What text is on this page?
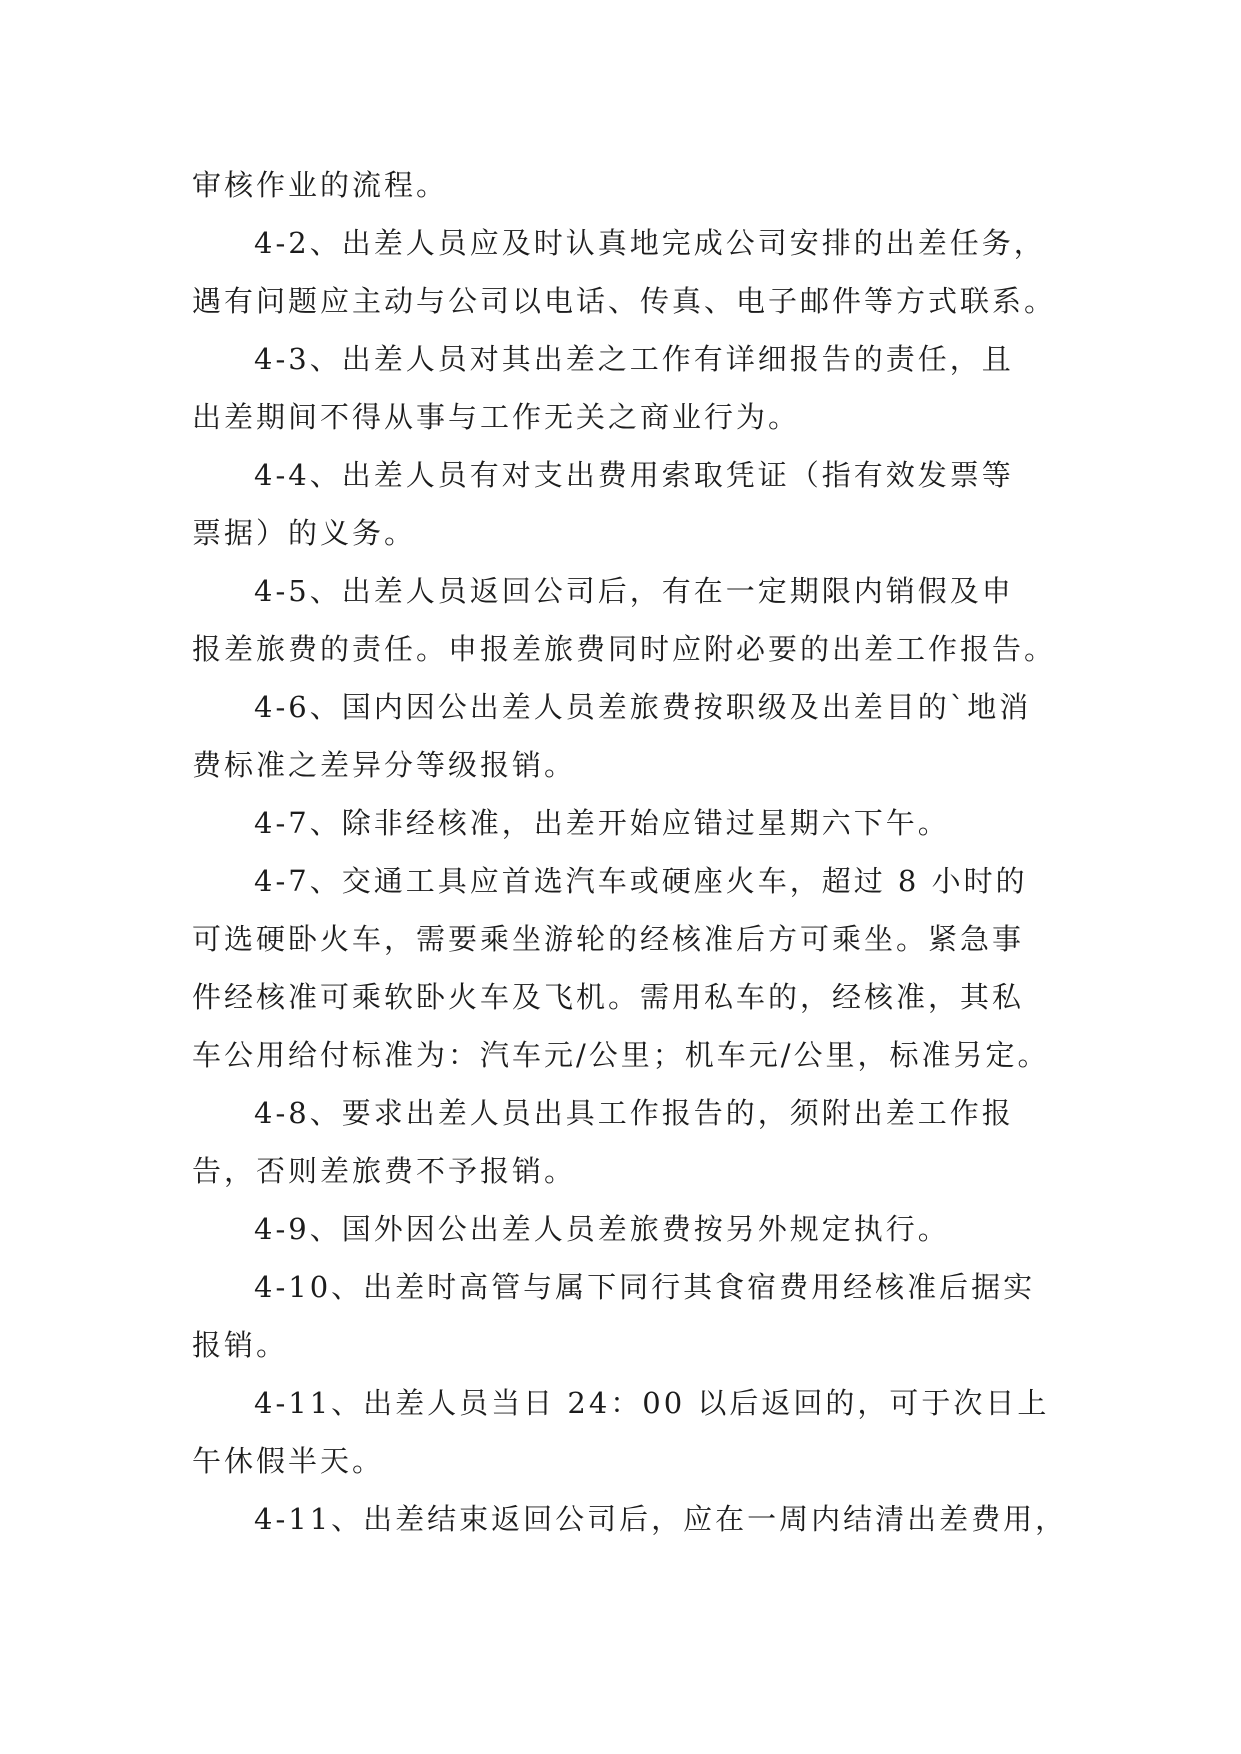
审核作业的流程。
4-2、出差人员应及时认真地完成公司安排的出差任务，
遇有问题应主动与公司以电话、传真、电子邮件等方式联系。
4-3、出差人员对其出差之工作有详细报告的责任，且
出差期间不得从事与工作无关之商业行为。
4-4、出差人员有对支出费用索取凭证（指有效发票等
票据）的义务。
4-5、出差人员返回公司后，有在一定期限内销假及申
报差旅费的责任。申报差旅费同时应附必要的出差工作报告。
4-6、国内因公出差人员差旅费按职级及出差目的`地消
费标准之差异分等级报销。
4-7、除非经核准，出差开始应错过星期六下午。
4-7、交通工具应首选汽车或硬座火车，超过 8 小时的
可选硬卧火车，需要乘坐游轮的经核准后方可乘坐。紧急事
件经核准可乘软卧火车及飞机。需用私车的，经核准，其私
车公用给付标准为：汽车元/公里；机车元/公里，标准另定。
4-8、要求出差人员出具工作报告的，须附出差工作报
告，否则差旅费不予报销。
4-9、国外因公出差人员差旅费按另外规定执行。
4-10、出差时高管与属下同行其食宿费用经核准后据实
报销。
4-11、出差人员当日 24：00 以后返回的，可于次日上
午休假半天。
4-11、出差结束返回公司后，应在一周内结清出差费用，
